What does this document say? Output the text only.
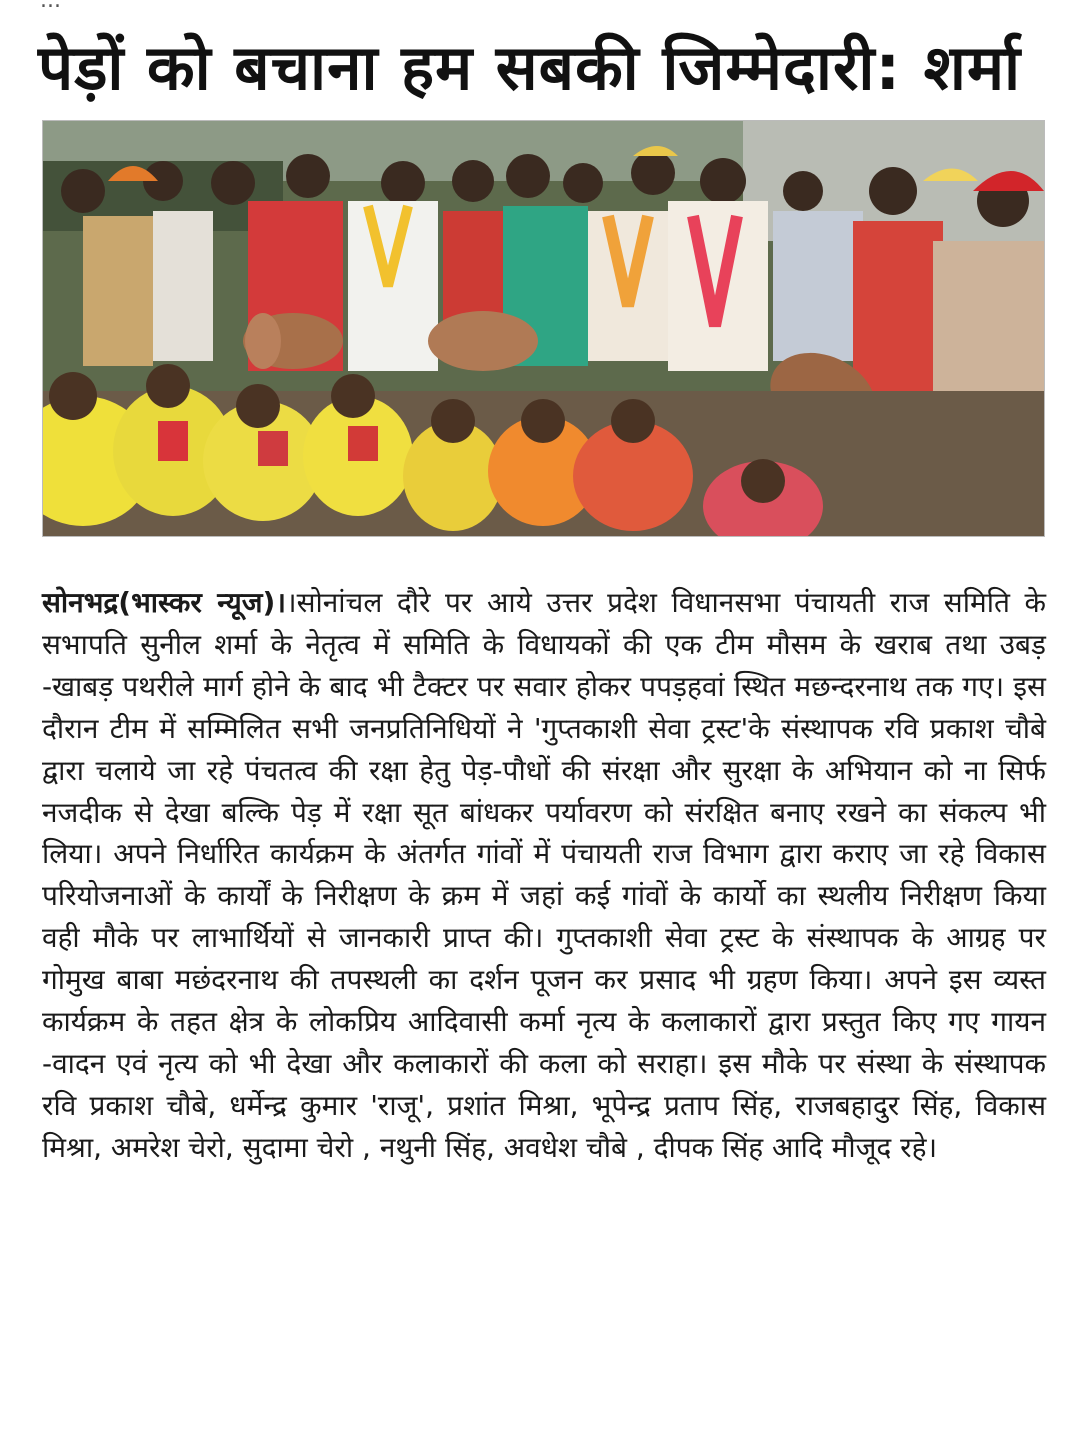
पेड़ों को बचाना हम सबकी जिम्मेदारी: शर्मा
सोनभद्र(भास्कर न्यूज)।।सोनांचल दौरे पर आये उत्तर प्रदेश विधानसभा पंचायती राज समिति के सभापति सुनील शर्मा के नेतृत्व में समिति के विधायकों की एक टीम मौसम के खराब तथा उबड़ -खाबड़ पथरीले मार्ग होने के बाद भी टैक्टर पर सवार होकर पपड़हवां स्थित मछन्दरनाथ तक गए। इस दौरान टीम में सम्मिलित सभी जनप्रतिनिधियों ने 'गुप्तकाशी सेवा ट्रस्ट'के संस्थापक रवि प्रकाश चौबे द्वारा चलाये जा रहे पंचतत्व की रक्षा हेतु पेड़-पौधों की संरक्षा और सुरक्षा के अभियान को ना सिर्फ नजदीक से देखा बल्कि पेड़ में रक्षा सूत बांधकर पर्यावरण को संरक्षित बनाए रखने का संकल्प भी लिया। अपने निर्धारित कार्यक्रम के अंतर्गत गांवों में पंचायती राज विभाग द्वारा कराए जा रहे विकास परियोजनाओं के कार्यों के निरीक्षण के क्रम में जहां कई गांवों के कार्यो का स्थलीय निरीक्षण किया वही मौके पर लाभार्थियों से जानकारी प्राप्त की। गुप्तकाशी सेवा ट्रस्ट के संस्थापक के आग्रह पर गोमुख बाबा मछंदरनाथ की तपस्थली का दर्शन पूजन कर प्रसाद भी ग्रहण किया। अपने इस व्यस्त कार्यक्रम के तहत क्षेत्र के लोकप्रिय आदिवासी कर्मा नृत्य के कलाकारों द्वारा प्रस्तुत किए गए गायन -वादन एवं नृत्य को भी देखा और कलाकारों की कला को सराहा। इस मौके पर संस्था के संस्थापक रवि प्रकाश चौबे, धर्मेन्द्र कुमार 'राजू', प्रशांत मिश्रा, भूपेन्द्र प्रताप सिंह, राजबहादुर सिंह, विकास मिश्रा, अमरेश चेरो, सुदामा चेरो , नथुनी सिंह, अवधेश चौबे , दीपक सिंह आदि मौजूद रहे।
